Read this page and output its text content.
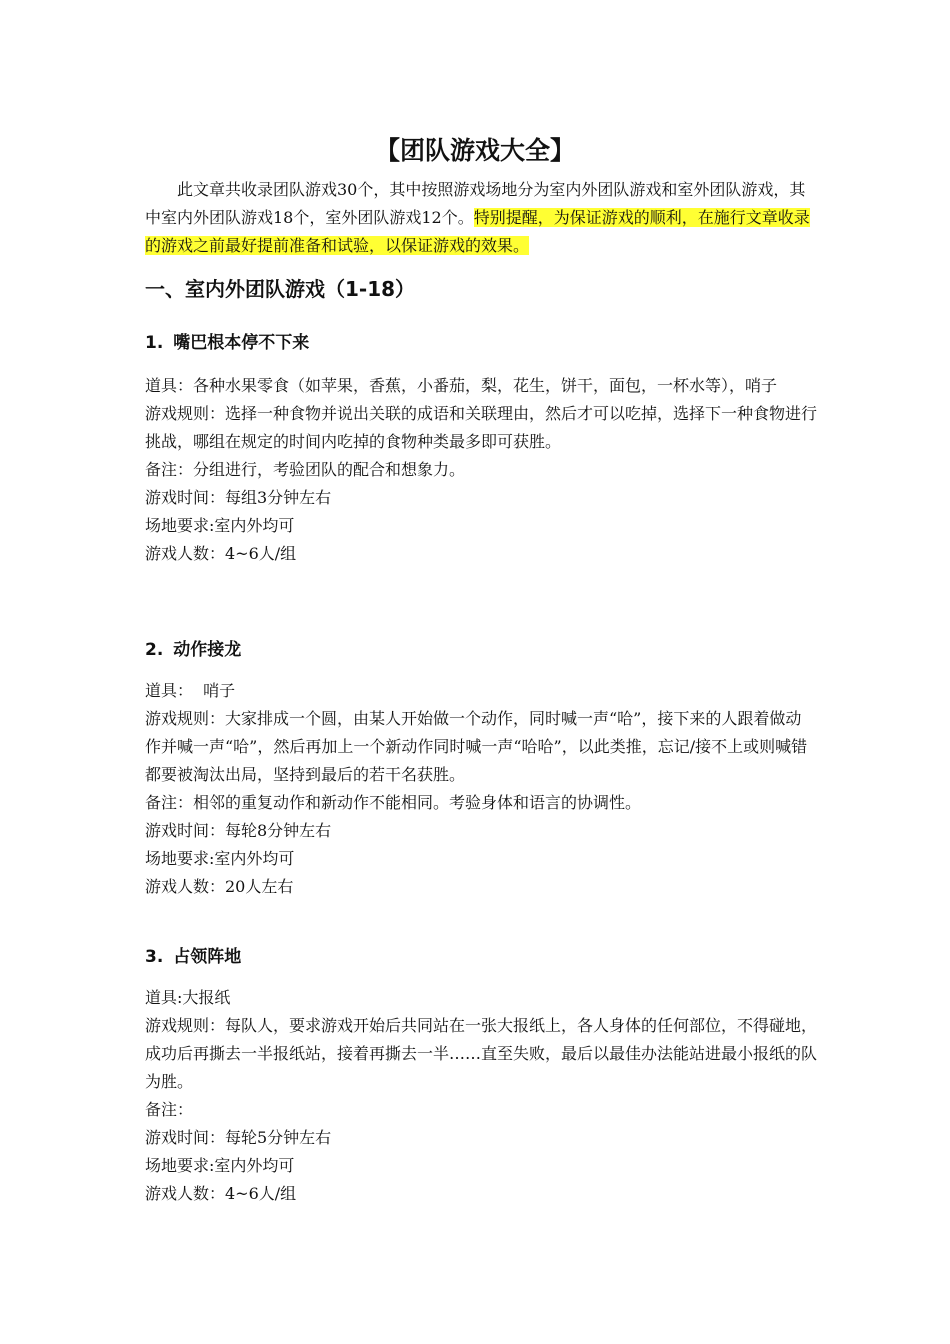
【团队游戏大全】
此文章共收录团队游戏30个，其中按照游戏场地分为室内外团队游戏和室外团队游戏，其中室内外团队游戏18个，室外团队游戏12个。特别提醒，为保证游戏的顺利，在施行文章收录的游戏之前最好提前准备和试验，以保证游戏的效果。
一、室内外团队游戏（1-18）
1. 嘴巴根本停不下来

道具：各种水果零食（如苹果，香蕉，小番茄，梨，花生，饼干，面包，一杯水等），哨子

游戏规则：选择一种食物并说出关联的成语和关联理由，然后才可以吃掉，选择下一种食物进行挑战，哪组在规定的时间内吃掉的食物种类最多即可获胜。

备注：分组进行，考验团队的配合和想象力。

游戏时间：每组3分钟左右

场地要求:室内外均可

游戏人数：4~6人/组

2. 动作接龙

道具：  哨子

游戏规则：大家排成一个圆，由某人开始做一个动作，同时喊一声“哈”，接下来的人跟着做动作并喊一声“哈”，然后再加上一个新动作同时喊一声“哈哈”，以此类推，忘记/接不上或则喊错都要被淘汰出局，坚持到最后的若干名获胜。

备注：相邻的重复动作和新动作不能相同。考验身体和语言的协调性。

游戏时间：每轮8分钟左右

场地要求:室内外均可

游戏人数：20人左右

3. 占领阵地

道具:大报纸

游戏规则：每队人，要求游戏开始后共同站在一张大报纸上，各人身体的任何部位，不得碰地，成功后再撕去一半报纸站，接着再撕去一半……直至失败，最后以最佳办法能站进最小报纸的队为胜。

备注：

游戏时间：每轮5分钟左右

场地要求:室内外均可

游戏人数：4~6人/组
